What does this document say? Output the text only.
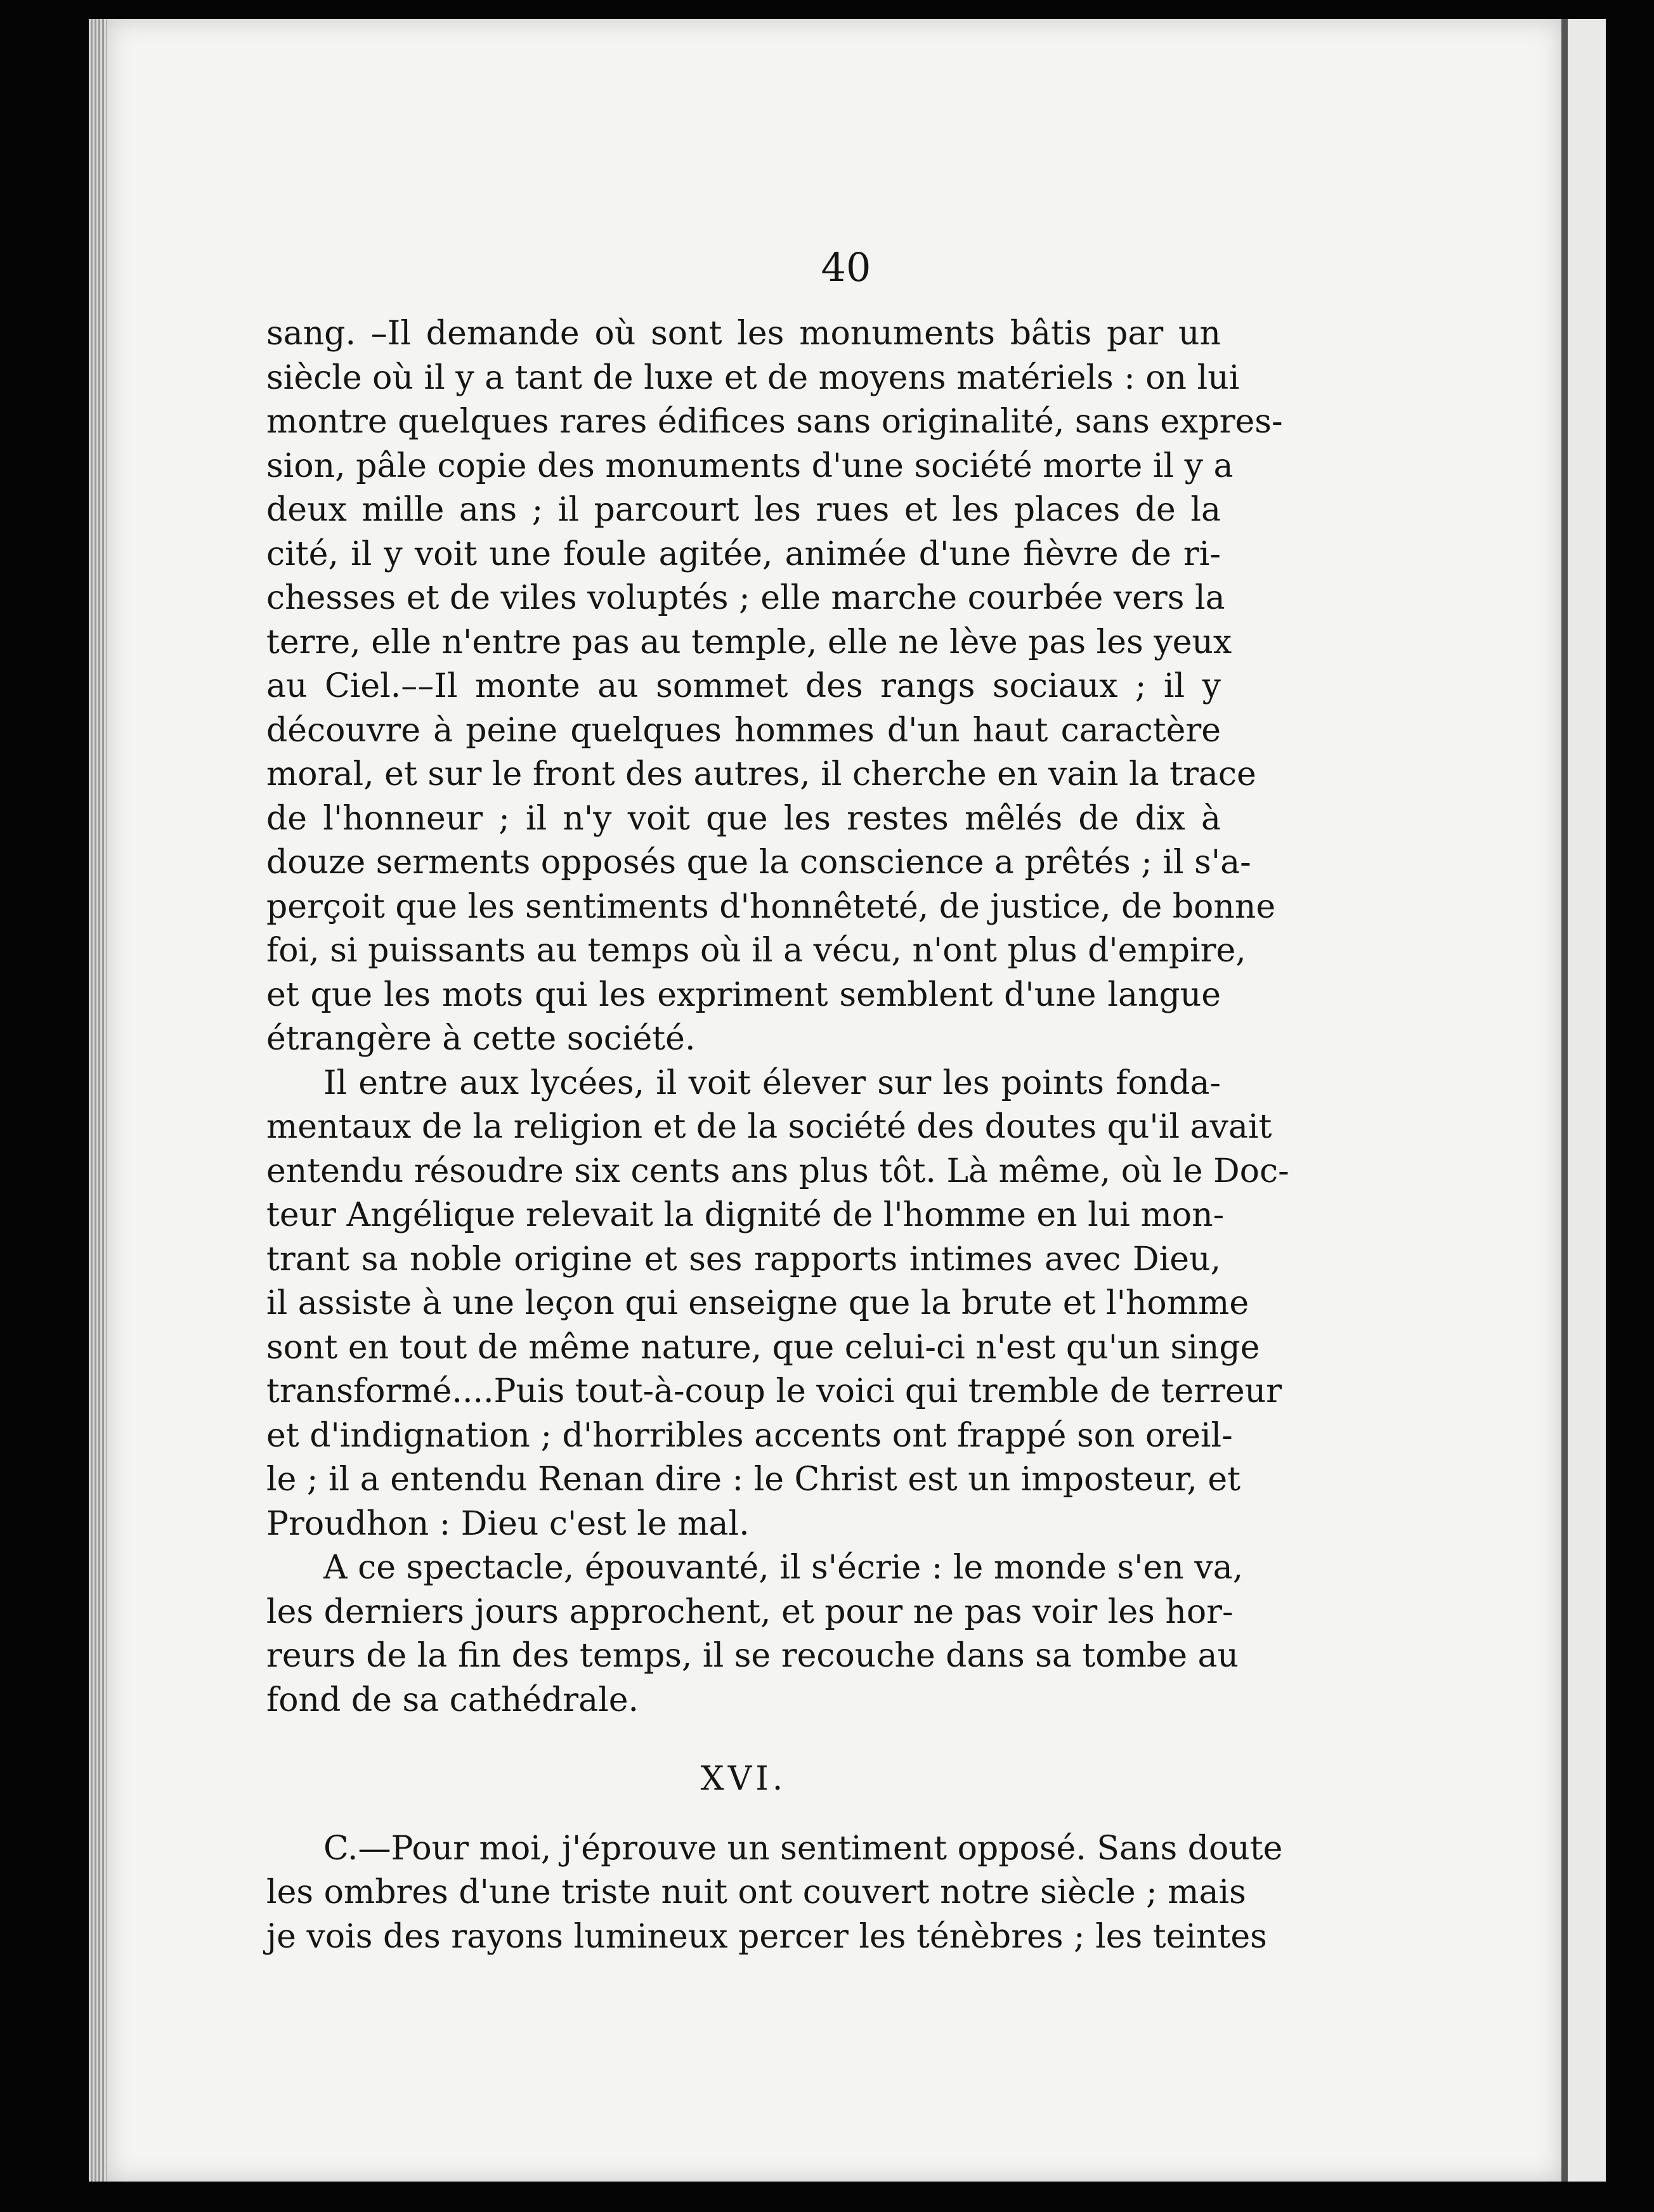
40

sang. –Il demande où sont les monuments bâtis par un
siècle où il y a tant de luxe et de moyens matériels : on lui
montre quelques rares édifices sans originalité, sans expres-
sion, pâle copie des monuments d'une société morte il y a
deux mille ans ; il parcourt les rues et les places de la
cité, il y voit une foule agitée, animée d'une fièvre de ri-
chesses et de viles voluptés ; elle marche courbée vers la
terre, elle n'entre pas au temple, elle ne lève pas les yeux
au Ciel.––Il monte au sommet des rangs sociaux ; il y
découvre à peine quelques hommes d'un haut caractère
moral, et sur le front des autres, il cherche en vain la trace
de l'honneur ; il n'y voit que les restes mêlés de dix à
douze serments opposés que la conscience a prêtés ; il s'a-
perçoit que les sentiments d'honnêteté, de justice, de bonne
foi, si puissants au temps où il a vécu, n'ont plus d'empire,
et que les mots qui les expriment semblent d'une langue
étrangère à cette société.
Il entre aux lycées, il voit élever sur les points fonda-
mentaux de la religion et de la société des doutes qu'il avait
entendu résoudre six cents ans plus tôt. Là même, où le Doc-
teur Angélique relevait la dignité de l'homme en lui mon-
trant sa noble origine et ses rapports intimes avec Dieu,
il assiste à une leçon qui enseigne que la brute et l'homme
sont en tout de même nature, que celui-ci n'est qu'un singe
transformé....Puis tout-à-coup le voici qui tremble de terreur
et d'indignation ; d'horribles accents ont frappé son oreil-
le ; il a entendu Renan dire : le Christ est un imposteur, et
Proudhon : Dieu c'est le mal.
A ce spectacle, épouvanté, il s'écrie : le monde s'en va,
les derniers jours approchent, et pour ne pas voir les hor-
reurs de la fin des temps, il se recouche dans sa tombe au
fond de sa cathédrale.
XVI.
C.—Pour moi, j'éprouve un sentiment opposé. Sans doute
les ombres d'une triste nuit ont couvert notre siècle ; mais
je vois des rayons lumineux percer les ténèbres ; les teintes
